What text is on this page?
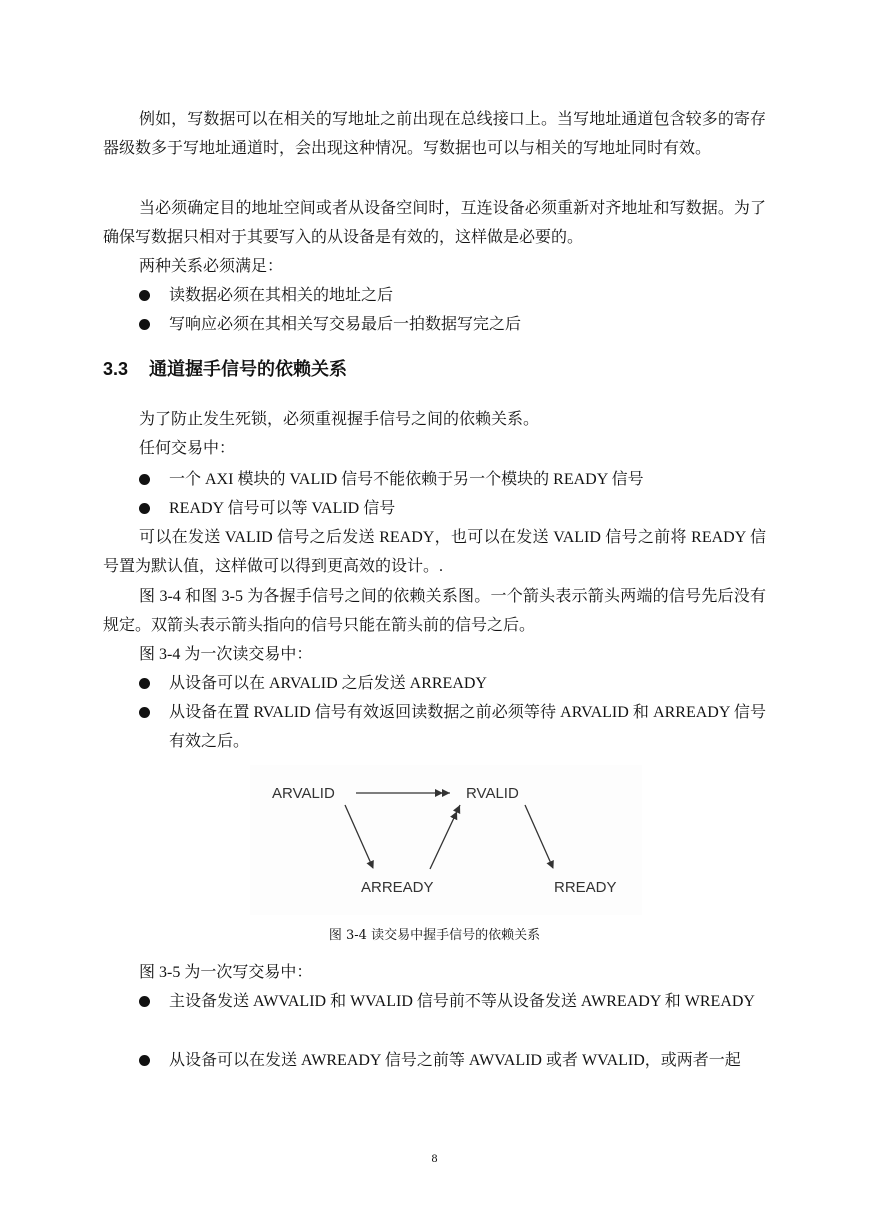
例如，写数据可以在相关的写地址之前出现在总线接口上。当写地址通道包含较多的寄存器级数多于写地址通道时，会出现这种情况。写数据也可以与相关的写地址同时有效。

当必须确定目的地址空间或者从设备空间时，互连设备必须重新对齐地址和写数据。为了确保写数据只相对于其要写入的从设备是有效的，这样做是必要的。

两种关系必须满足：

读数据必须在其相关的地址之后
写响应必须在其相关写交易最后一拍数据写完之后
3.3 通道握手信号的依赖关系

为了防止发生死锁，必须重视握手信号之间的依赖关系。

任何交易中：

一个 AXI 模块的 VALID 信号不能依赖于另一个模块的 READY 信号
READY 信号可以等 VALID 信号

可以在发送 VALID 信号之后发送 READY，也可以在发送 VALID 信号之前将 READY 信号置为默认值，这样做可以得到更高效的设计。.

图 3-4 和图 3-5 为各握手信号之间的依赖关系图。一个箭头表示箭头两端的信号先后没有规定。双箭头表示箭头指向的信号只能在箭头前的信号之后。

图 3-4 为一次读交易中：

从设备可以在 ARVALID 之后发送 ARREADY
从设备在置 RVALID 信号有效返回读数据之前必须等待 ARVALID 和 ARREADY 信号有效之后。
ARVALID	RVALID
ARREADY	RREADY
图 3-4 读交易中握手信号的依赖关系

图 3-5 为一次写交易中：

主设备发送 AWVALID 和 WVALID 信号前不等从设备发送 AWREADY 和 WREADY
从设备可以在发送 AWREADY 信号之前等 AWVALID 或者 WVALID，或两者一起
8
